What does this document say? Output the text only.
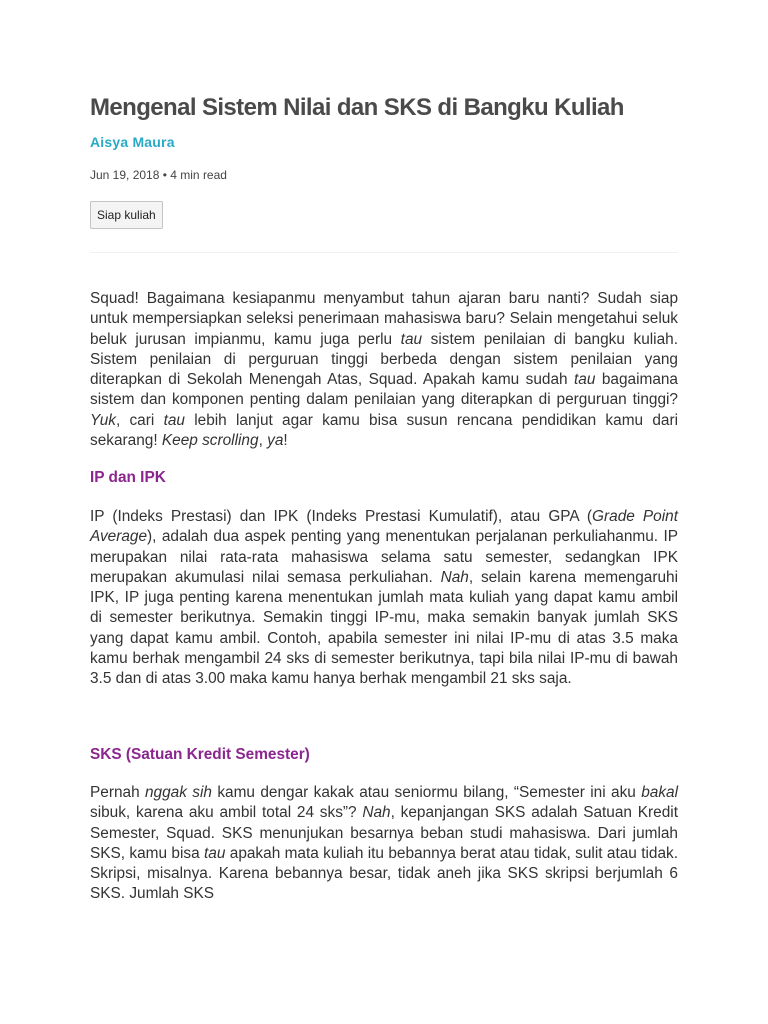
Mengenal Sistem Nilai dan SKS di Bangku Kuliah
Aisya Maura
Jun 19, 2018 • 4 min read
Siap kuliah

Squad! Bagaimana kesiapanmu menyambut tahun ajaran baru nanti? Sudah siap untuk mempersiapkan seleksi penerimaan mahasiswa baru? Selain mengetahui seluk beluk jurusan impianmu, kamu juga perlu tau sistem penilaian di bangku kuliah. Sistem penilaian di perguruan tinggi berbeda dengan sistem penilaian yang diterapkan di Sekolah Menengah Atas, Squad. Apakah kamu sudah tau bagaimana sistem dan komponen penting dalam penilaian yang diterapkan di perguruan tinggi? Yuk, cari tau lebih lanjut agar kamu bisa susun rencana pendidikan kamu dari sekarang! Keep scrolling, ya!

IP dan IPK

IP (Indeks Prestasi) dan IPK (Indeks Prestasi Kumulatif), atau GPA (Grade Point Average), adalah dua aspek penting yang menentukan perjalanan perkuliahanmu. IP merupakan nilai rata-rata mahasiswa selama satu semester, sedangkan IPK merupakan akumulasi nilai semasa perkuliahan. Nah, selain karena memengaruhi IPK, IP juga penting karena menentukan jumlah mata kuliah yang dapat kamu ambil di semester berikutnya. Semakin tinggi IP-mu, maka semakin banyak jumlah SKS yang dapat kamu ambil. Contoh, apabila semester ini nilai IP-mu di atas 3.5 maka kamu berhak mengambil 24 sks di semester berikutnya, tapi bila nilai IP-mu di bawah 3.5 dan di atas 3.00 maka kamu hanya berhak mengambil 21 sks saja.

SKS (Satuan Kredit Semester)

Pernah nggak sih kamu dengar kakak atau seniormu bilang, “Semester ini aku bakal sibuk, karena aku ambil total 24 sks”? Nah, kepanjangan SKS adalah Satuan Kredit Semester, Squad. SKS menunjukan besarnya beban studi mahasiswa. Dari jumlah SKS, kamu bisa tau apakah mata kuliah itu bebannya berat atau tidak, sulit atau tidak. Skripsi, misalnya. Karena bebannya besar, tidak aneh jika SKS skripsi berjumlah 6 SKS. Jumlah SKS
